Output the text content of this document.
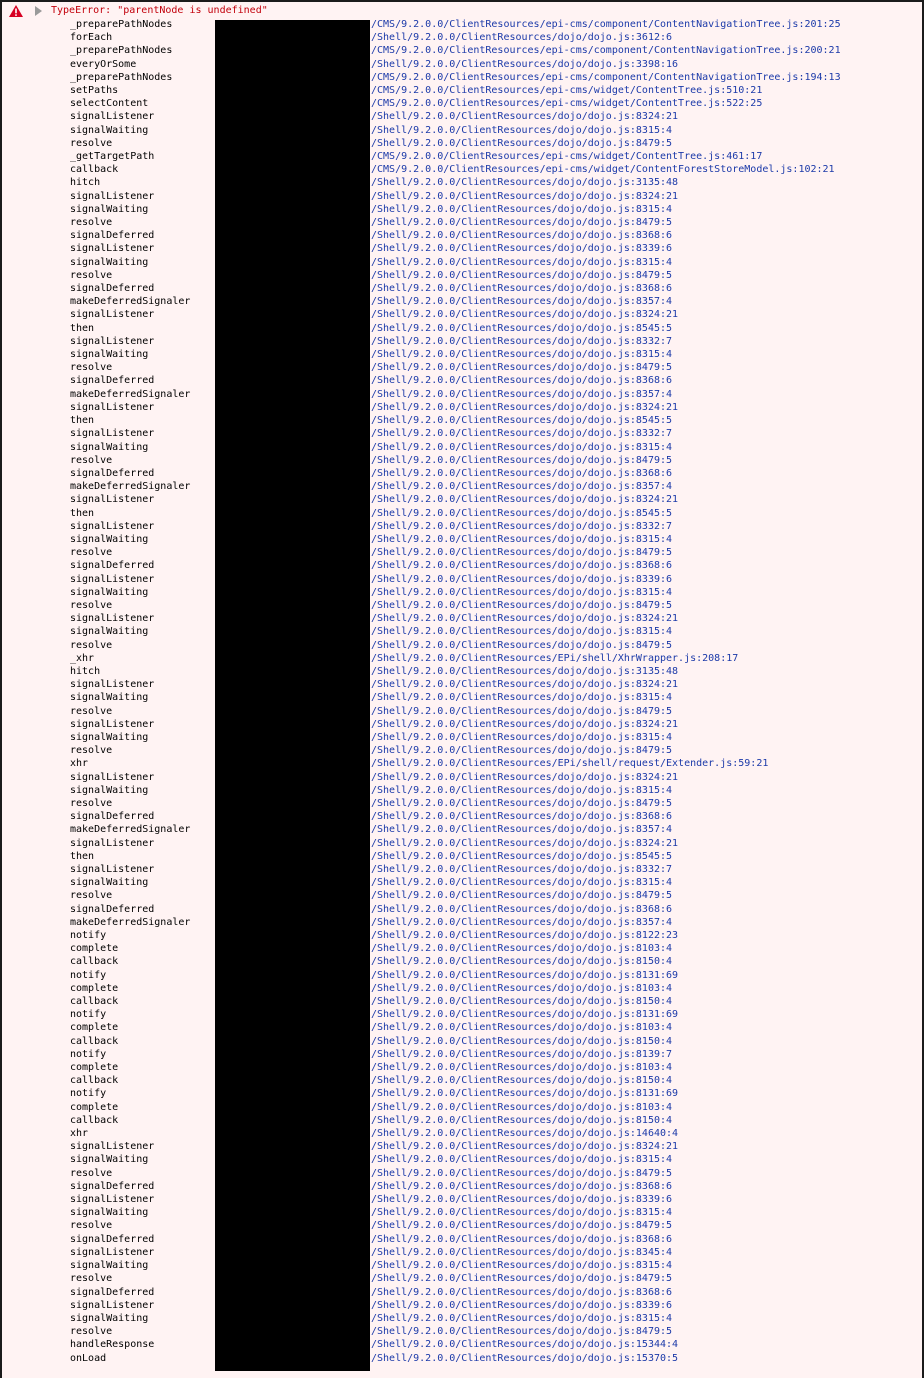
TypeError: "parentNode is undefined"
_preparePathNodes	/CMS/9.2.0.0/ClientResources/epi-cms/component/ContentNavigationTree.js:201:25
forEach	/Shell/9.2.0.0/ClientResources/dojo/dojo.js:3612:6
_preparePathNodes	/CMS/9.2.0.0/ClientResources/epi-cms/component/ContentNavigationTree.js:200:21
everyOrSome	/Shell/9.2.0.0/ClientResources/dojo/dojo.js:3398:16
_preparePathNodes	/CMS/9.2.0.0/ClientResources/epi-cms/component/ContentNavigationTree.js:194:13
setPaths	/CMS/9.2.0.0/ClientResources/epi-cms/widget/ContentTree.js:510:21
selectContent	/CMS/9.2.0.0/ClientResources/epi-cms/widget/ContentTree.js:522:25
signalListener	/Shell/9.2.0.0/ClientResources/dojo/dojo.js:8324:21
signalWaiting	/Shell/9.2.0.0/ClientResources/dojo/dojo.js:8315:4
resolve	/Shell/9.2.0.0/ClientResources/dojo/dojo.js:8479:5
_getTargetPath	/CMS/9.2.0.0/ClientResources/epi-cms/widget/ContentTree.js:461:17
callback	/CMS/9.2.0.0/ClientResources/epi-cms/widget/ContentForestStoreModel.js:102:21
hitch	/Shell/9.2.0.0/ClientResources/dojo/dojo.js:3135:48
signalListener	/Shell/9.2.0.0/ClientResources/dojo/dojo.js:8324:21
signalWaiting	/Shell/9.2.0.0/ClientResources/dojo/dojo.js:8315:4
resolve	/Shell/9.2.0.0/ClientResources/dojo/dojo.js:8479:5
signalDeferred	/Shell/9.2.0.0/ClientResources/dojo/dojo.js:8368:6
signalListener	/Shell/9.2.0.0/ClientResources/dojo/dojo.js:8339:6
signalWaiting	/Shell/9.2.0.0/ClientResources/dojo/dojo.js:8315:4
resolve	/Shell/9.2.0.0/ClientResources/dojo/dojo.js:8479:5
signalDeferred	/Shell/9.2.0.0/ClientResources/dojo/dojo.js:8368:6
makeDeferredSignaler	/Shell/9.2.0.0/ClientResources/dojo/dojo.js:8357:4
signalListener	/Shell/9.2.0.0/ClientResources/dojo/dojo.js:8324:21
then	/Shell/9.2.0.0/ClientResources/dojo/dojo.js:8545:5
signalListener	/Shell/9.2.0.0/ClientResources/dojo/dojo.js:8332:7
signalWaiting	/Shell/9.2.0.0/ClientResources/dojo/dojo.js:8315:4
resolve	/Shell/9.2.0.0/ClientResources/dojo/dojo.js:8479:5
signalDeferred	/Shell/9.2.0.0/ClientResources/dojo/dojo.js:8368:6
makeDeferredSignaler	/Shell/9.2.0.0/ClientResources/dojo/dojo.js:8357:4
signalListener	/Shell/9.2.0.0/ClientResources/dojo/dojo.js:8324:21
then	/Shell/9.2.0.0/ClientResources/dojo/dojo.js:8545:5
signalListener	/Shell/9.2.0.0/ClientResources/dojo/dojo.js:8332:7
signalWaiting	/Shell/9.2.0.0/ClientResources/dojo/dojo.js:8315:4
resolve	/Shell/9.2.0.0/ClientResources/dojo/dojo.js:8479:5
signalDeferred	/Shell/9.2.0.0/ClientResources/dojo/dojo.js:8368:6
makeDeferredSignaler	/Shell/9.2.0.0/ClientResources/dojo/dojo.js:8357:4
signalListener	/Shell/9.2.0.0/ClientResources/dojo/dojo.js:8324:21
then	/Shell/9.2.0.0/ClientResources/dojo/dojo.js:8545:5
signalListener	/Shell/9.2.0.0/ClientResources/dojo/dojo.js:8332:7
signalWaiting	/Shell/9.2.0.0/ClientResources/dojo/dojo.js:8315:4
resolve	/Shell/9.2.0.0/ClientResources/dojo/dojo.js:8479:5
signalDeferred	/Shell/9.2.0.0/ClientResources/dojo/dojo.js:8368:6
signalListener	/Shell/9.2.0.0/ClientResources/dojo/dojo.js:8339:6
signalWaiting	/Shell/9.2.0.0/ClientResources/dojo/dojo.js:8315:4
resolve	/Shell/9.2.0.0/ClientResources/dojo/dojo.js:8479:5
signalListener	/Shell/9.2.0.0/ClientResources/dojo/dojo.js:8324:21
signalWaiting	/Shell/9.2.0.0/ClientResources/dojo/dojo.js:8315:4
resolve	/Shell/9.2.0.0/ClientResources/dojo/dojo.js:8479:5
_xhr	/Shell/9.2.0.0/ClientResources/EPi/shell/XhrWrapper.js:208:17
hitch	/Shell/9.2.0.0/ClientResources/dojo/dojo.js:3135:48
signalListener	/Shell/9.2.0.0/ClientResources/dojo/dojo.js:8324:21
signalWaiting	/Shell/9.2.0.0/ClientResources/dojo/dojo.js:8315:4
resolve	/Shell/9.2.0.0/ClientResources/dojo/dojo.js:8479:5
signalListener	/Shell/9.2.0.0/ClientResources/dojo/dojo.js:8324:21
signalWaiting	/Shell/9.2.0.0/ClientResources/dojo/dojo.js:8315:4
resolve	/Shell/9.2.0.0/ClientResources/dojo/dojo.js:8479:5
xhr	/Shell/9.2.0.0/ClientResources/EPi/shell/request/Extender.js:59:21
signalListener	/Shell/9.2.0.0/ClientResources/dojo/dojo.js:8324:21
signalWaiting	/Shell/9.2.0.0/ClientResources/dojo/dojo.js:8315:4
resolve	/Shell/9.2.0.0/ClientResources/dojo/dojo.js:8479:5
signalDeferred	/Shell/9.2.0.0/ClientResources/dojo/dojo.js:8368:6
makeDeferredSignaler	/Shell/9.2.0.0/ClientResources/dojo/dojo.js:8357:4
signalListener	/Shell/9.2.0.0/ClientResources/dojo/dojo.js:8324:21
then	/Shell/9.2.0.0/ClientResources/dojo/dojo.js:8545:5
signalListener	/Shell/9.2.0.0/ClientResources/dojo/dojo.js:8332:7
signalWaiting	/Shell/9.2.0.0/ClientResources/dojo/dojo.js:8315:4
resolve	/Shell/9.2.0.0/ClientResources/dojo/dojo.js:8479:5
signalDeferred	/Shell/9.2.0.0/ClientResources/dojo/dojo.js:8368:6
makeDeferredSignaler	/Shell/9.2.0.0/ClientResources/dojo/dojo.js:8357:4
notify	/Shell/9.2.0.0/ClientResources/dojo/dojo.js:8122:23
complete	/Shell/9.2.0.0/ClientResources/dojo/dojo.js:8103:4
callback	/Shell/9.2.0.0/ClientResources/dojo/dojo.js:8150:4
notify	/Shell/9.2.0.0/ClientResources/dojo/dojo.js:8131:69
complete	/Shell/9.2.0.0/ClientResources/dojo/dojo.js:8103:4
callback	/Shell/9.2.0.0/ClientResources/dojo/dojo.js:8150:4
notify	/Shell/9.2.0.0/ClientResources/dojo/dojo.js:8131:69
complete	/Shell/9.2.0.0/ClientResources/dojo/dojo.js:8103:4
callback	/Shell/9.2.0.0/ClientResources/dojo/dojo.js:8150:4
notify	/Shell/9.2.0.0/ClientResources/dojo/dojo.js:8139:7
complete	/Shell/9.2.0.0/ClientResources/dojo/dojo.js:8103:4
callback	/Shell/9.2.0.0/ClientResources/dojo/dojo.js:8150:4
notify	/Shell/9.2.0.0/ClientResources/dojo/dojo.js:8131:69
complete	/Shell/9.2.0.0/ClientResources/dojo/dojo.js:8103:4
callback	/Shell/9.2.0.0/ClientResources/dojo/dojo.js:8150:4
xhr	/Shell/9.2.0.0/ClientResources/dojo/dojo.js:14640:4
signalListener	/Shell/9.2.0.0/ClientResources/dojo/dojo.js:8324:21
signalWaiting	/Shell/9.2.0.0/ClientResources/dojo/dojo.js:8315:4
resolve	/Shell/9.2.0.0/ClientResources/dojo/dojo.js:8479:5
signalDeferred	/Shell/9.2.0.0/ClientResources/dojo/dojo.js:8368:6
signalListener	/Shell/9.2.0.0/ClientResources/dojo/dojo.js:8339:6
signalWaiting	/Shell/9.2.0.0/ClientResources/dojo/dojo.js:8315:4
resolve	/Shell/9.2.0.0/ClientResources/dojo/dojo.js:8479:5
signalDeferred	/Shell/9.2.0.0/ClientResources/dojo/dojo.js:8368:6
signalListener	/Shell/9.2.0.0/ClientResources/dojo/dojo.js:8345:4
signalWaiting	/Shell/9.2.0.0/ClientResources/dojo/dojo.js:8315:4
resolve	/Shell/9.2.0.0/ClientResources/dojo/dojo.js:8479:5
signalDeferred	/Shell/9.2.0.0/ClientResources/dojo/dojo.js:8368:6
signalListener	/Shell/9.2.0.0/ClientResources/dojo/dojo.js:8339:6
signalWaiting	/Shell/9.2.0.0/ClientResources/dojo/dojo.js:8315:4
resolve	/Shell/9.2.0.0/ClientResources/dojo/dojo.js:8479:5
handleResponse	/Shell/9.2.0.0/ClientResources/dojo/dojo.js:15344:4
onLoad	/Shell/9.2.0.0/ClientResources/dojo/dojo.js:15370:5
